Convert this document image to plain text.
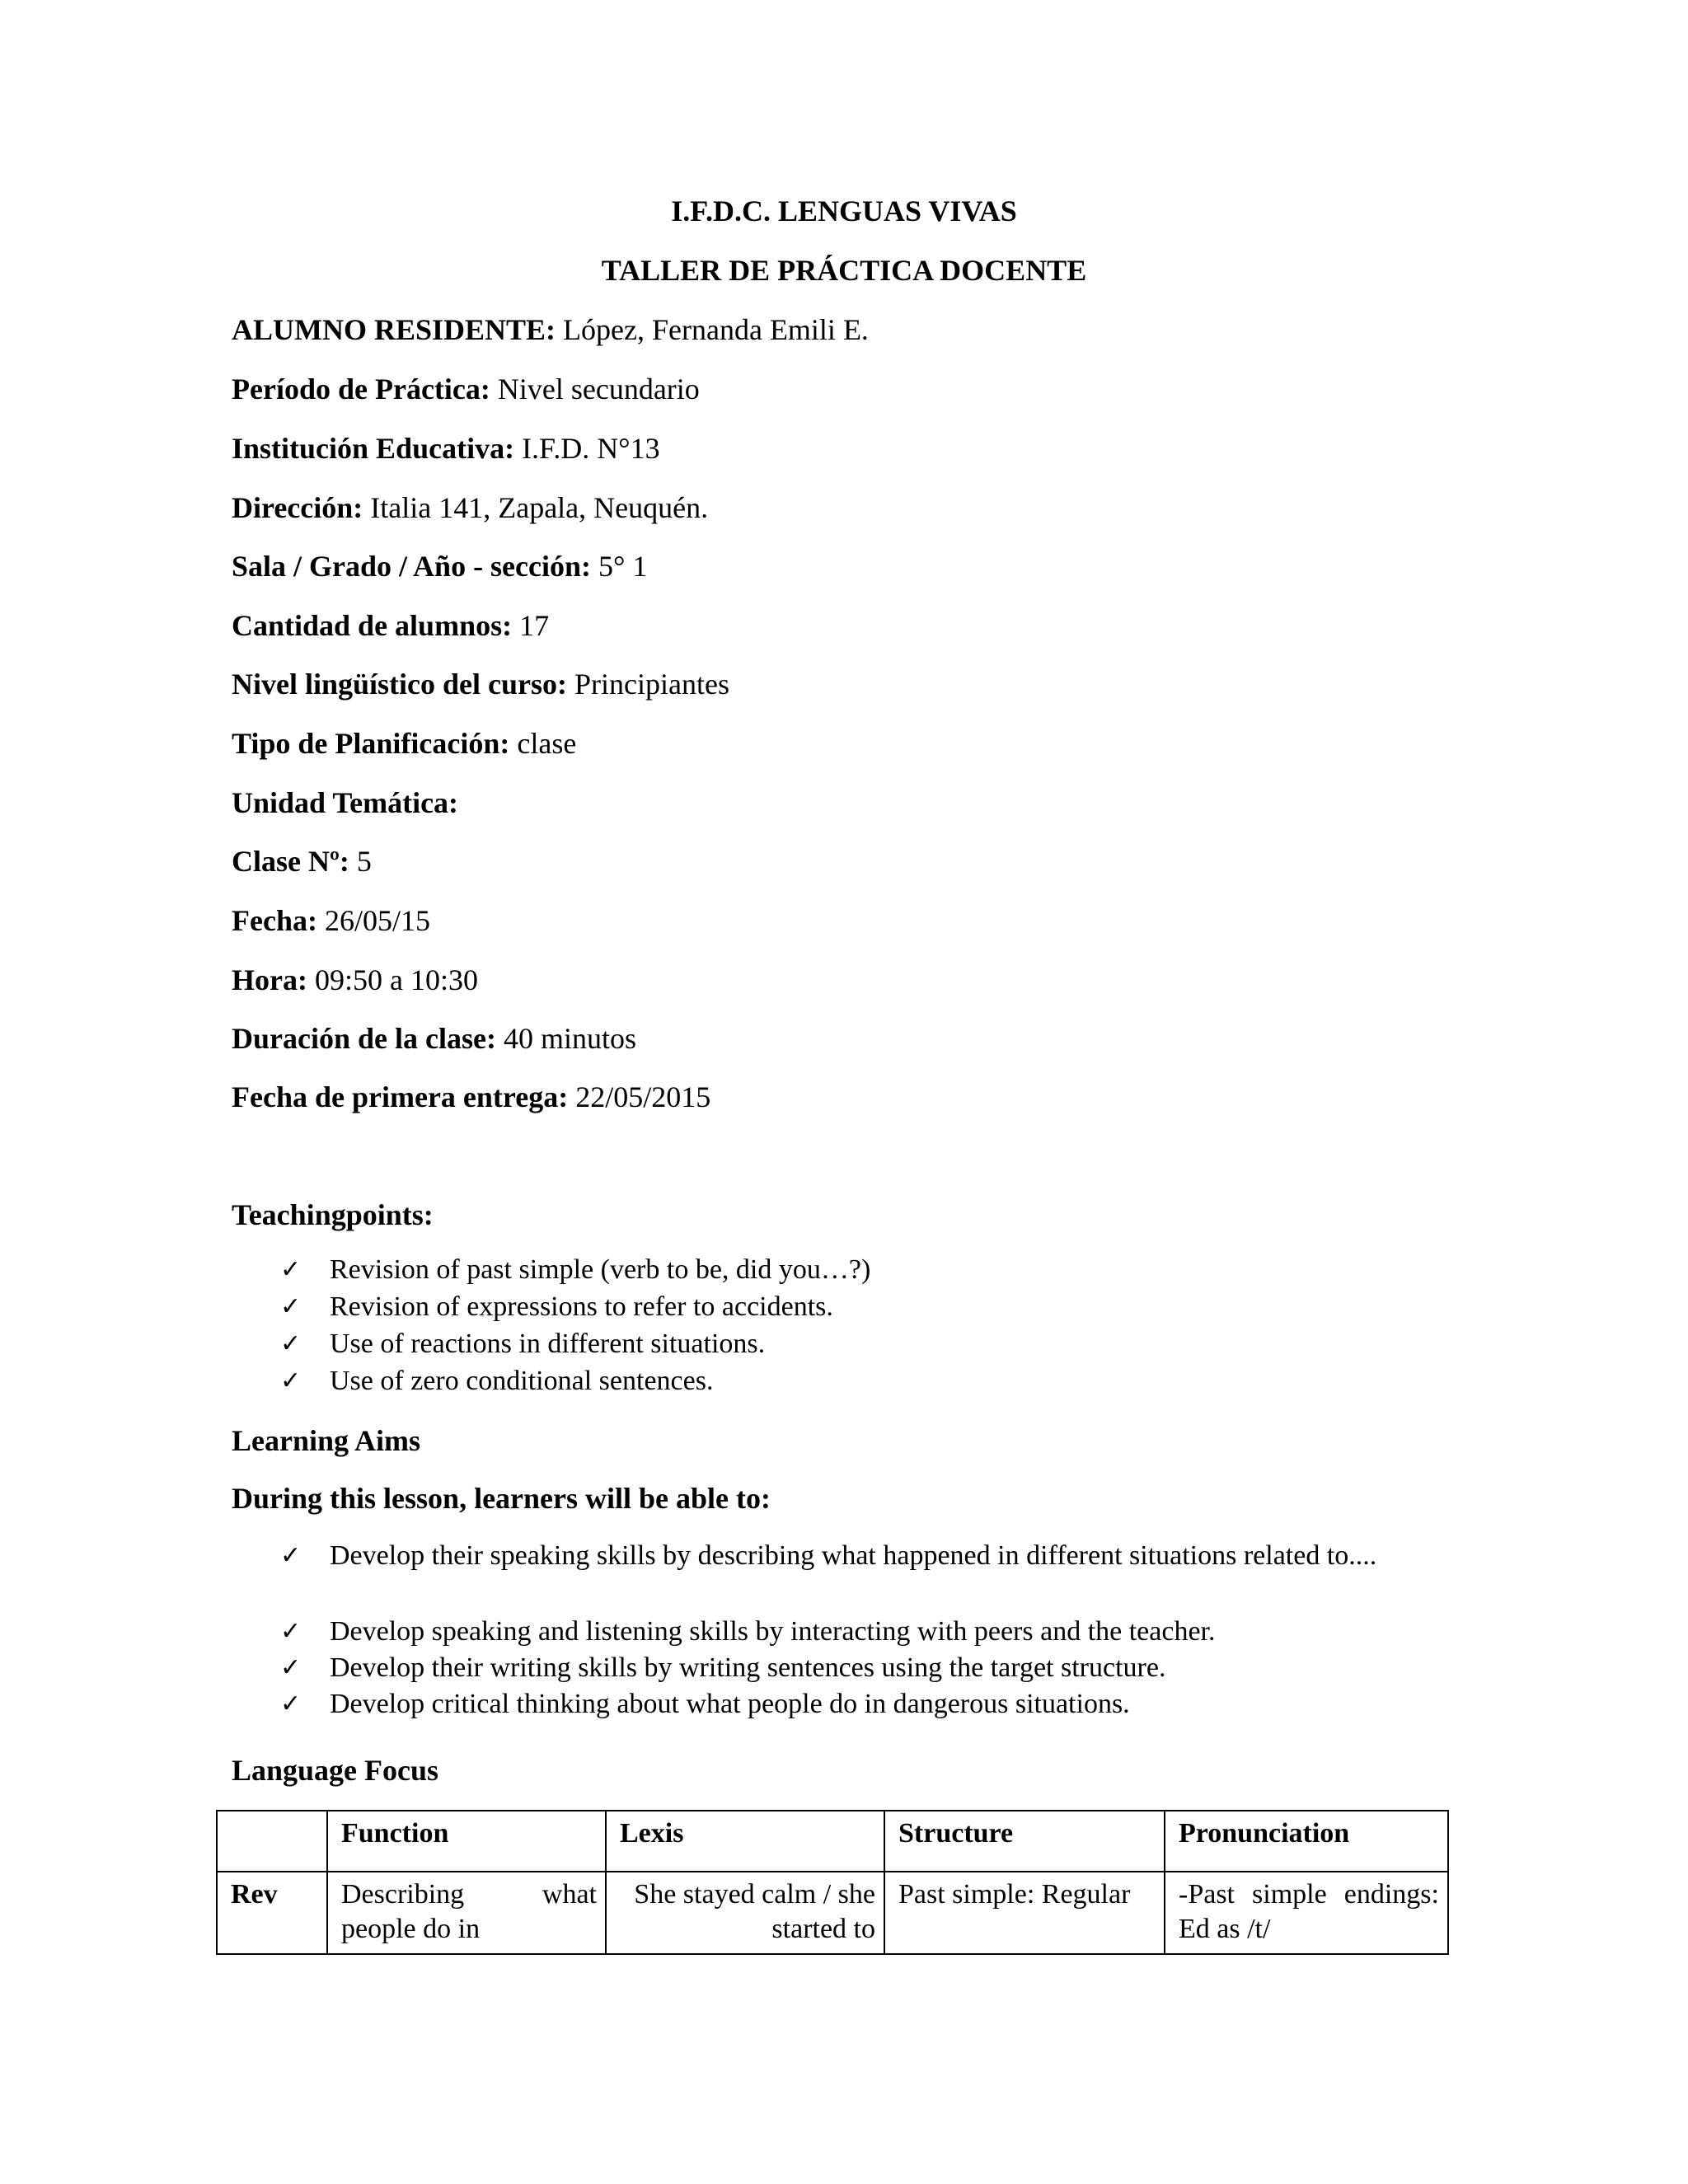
I.F.D.C. LENGUAS VIVAS
TALLER DE PRÁCTICA DOCENTE
ALUMNO RESIDENTE: López, Fernanda Emili E.
Período de Práctica: Nivel secundario
Institución Educativa: I.F.D. N°13
Dirección: Italia 141, Zapala, Neuquén.
Sala / Grado / Año - sección: 5° 1
Cantidad de alumnos: 17
Nivel lingüístico del curso: Principiantes
Tipo de Planificación: clase
Unidad Temática:
Clase Nº: 5
Fecha: 26/05/15
Hora: 09:50 a 10:30
Duración de la clase: 40 minutos
Fecha de primera entrega: 22/05/2015
Teachingpoints:
✓ Revision of past simple (verb to be, did you…?)
✓ Revision of expressions to refer to accidents.
✓ Use of reactions in different situations.
✓ Use of zero conditional sentences.
Learning Aims
During this lesson, learners will be able to:
✓ Develop their speaking skills by describing what happened in different situations related to....
✓ Develop speaking and listening skills by interacting with peers and the teacher.
✓ Develop their writing skills by writing sentences using the target structure.
✓ Develop critical thinking about what people do in dangerous situations.
Language Focus
	Function	Lexis	Structure	Pronunciation
Rev	Describing what people do in	She stayed calm / she started to	Past simple: Regular	-Past simple endings: Ed as /t/
